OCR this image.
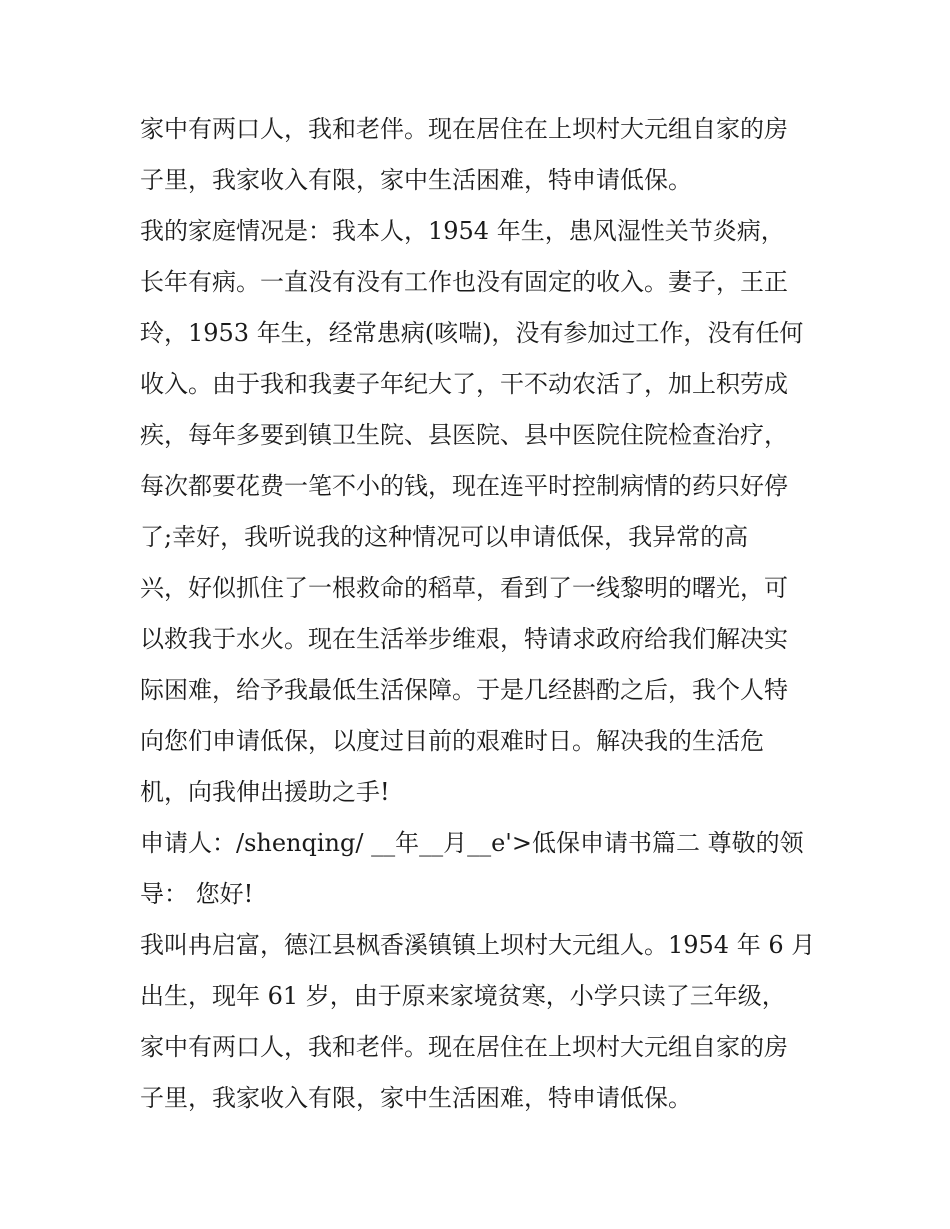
家中有两口人，我和老伴。现在居住在上坝村大元组自家的房
子里，我家收入有限，家中生活困难，特申请低保。
我的家庭情况是：我本人，1954 年生，患风湿性关节炎病，
长年有病。一直没有没有工作也没有固定的收入。妻子，王正
玲，1953 年生，经常患病(咳喘)，没有参加过工作，没有任何
收入。由于我和我妻子年纪大了，干不动农活了，加上积劳成
疾，每年多要到镇卫生院、县医院、县中医院住院检查治疗，
每次都要花费一笔不小的钱，现在连平时控制病情的药只好停
了;幸好，我听说我的这种情况可以申请低保，我异常的高
兴，好似抓住了一根救命的稻草，看到了一线黎明的曙光，可
以救我于水火。现在生活举步维艰，特请求政府给我们解决实
际困难，给予我最低生活保障。于是几经斟酌之后，我个人特
向您们申请低保，以度过目前的艰难时日。解决我的生活危
机，向我伸出援助之手!
申请人：/shenqing/ __年__月__e'>低保申请书篇二 尊敬的领
导： 您好!
我叫冉启富，德江县枫香溪镇镇上坝村大元组人。1954 年 6 月
出生，现年 61 岁，由于原来家境贫寒，小学只读了三年级，
家中有两口人，我和老伴。现在居住在上坝村大元组自家的房
子里，我家收入有限，家中生活困难，特申请低保。
